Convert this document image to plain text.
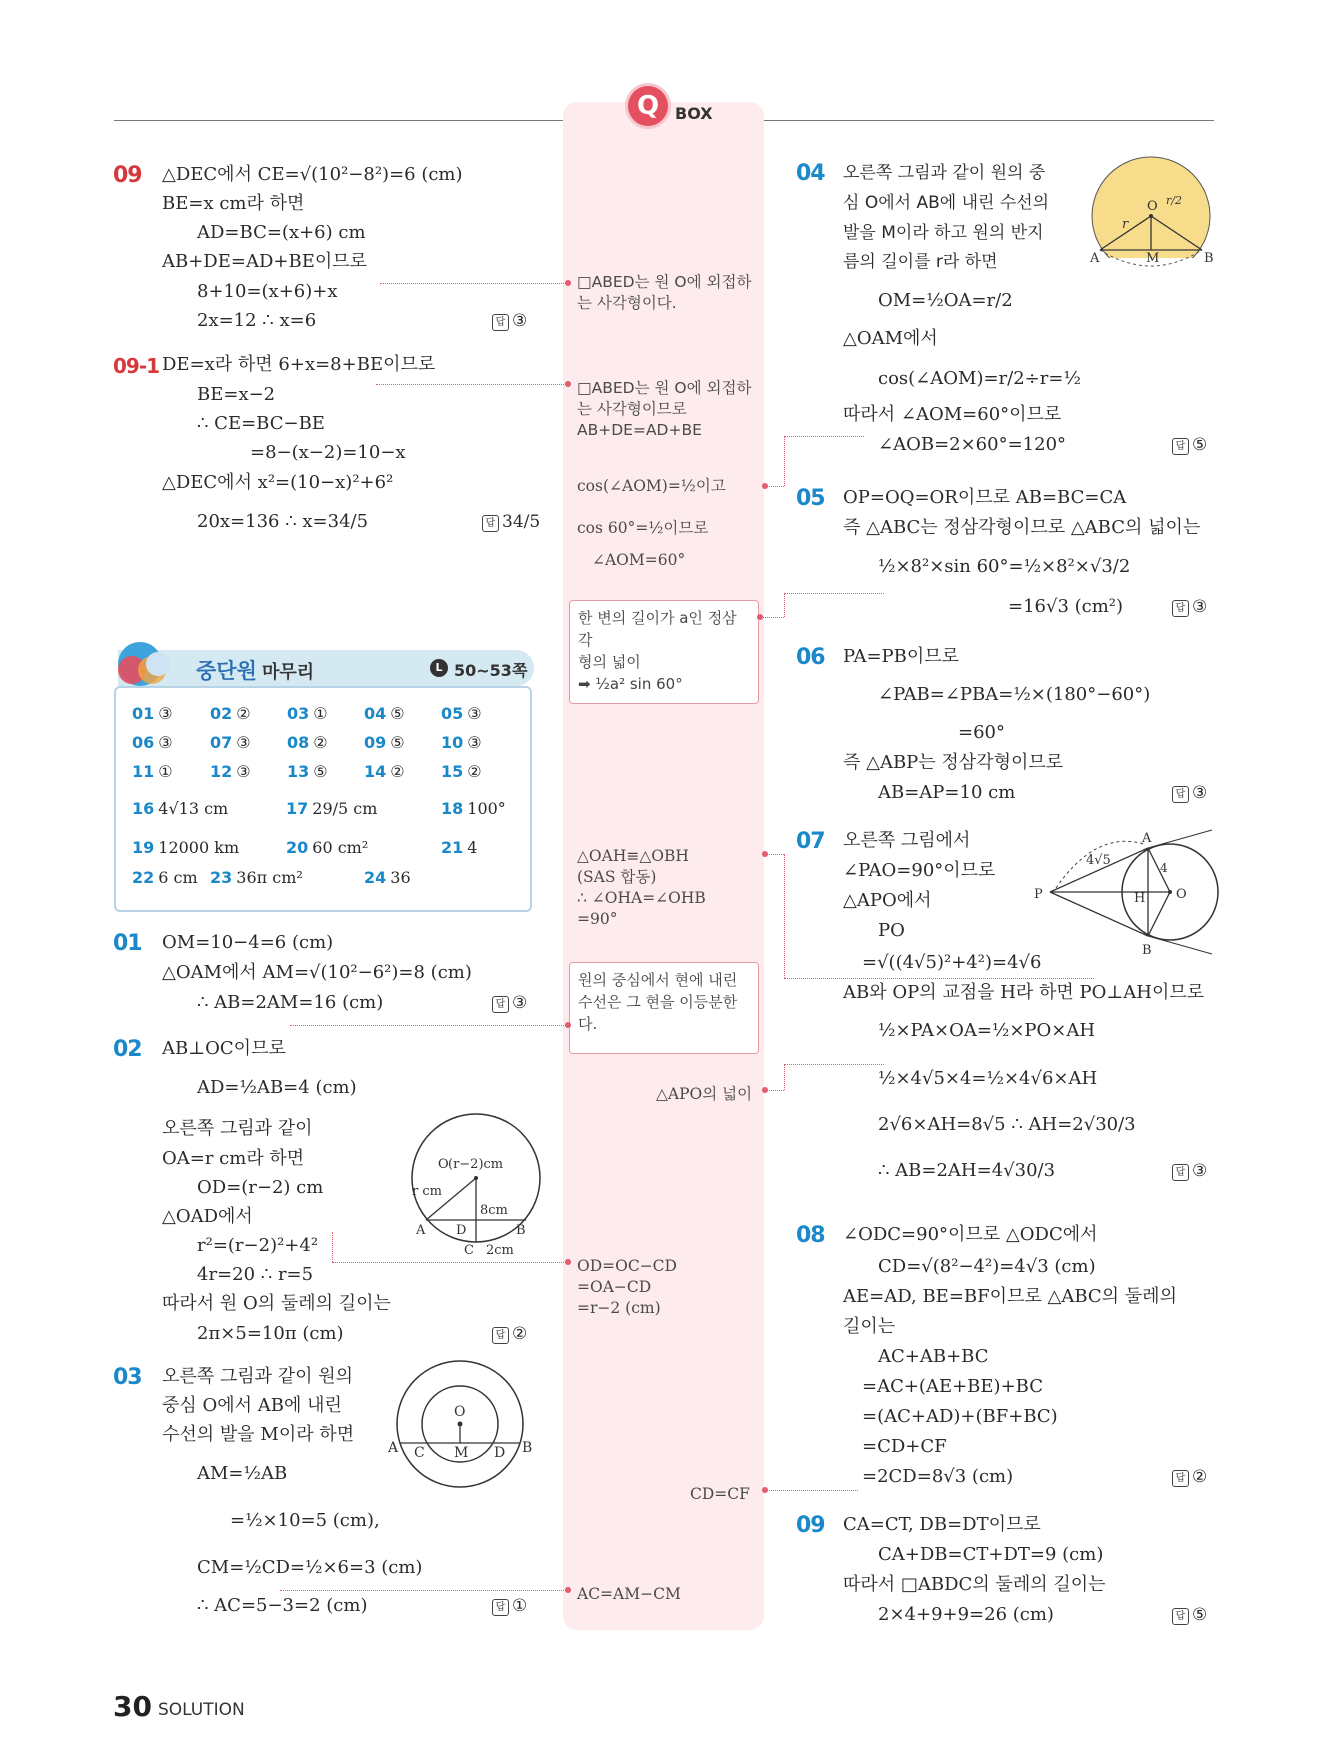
Q BOX
09 △DEC에서 CE=√(10²−8²)=6 (cm)
BE=x cm라 하면
AD=BC=(x+6) cm
AB+DE=AD+BE이므로
8+10=(x+6)+x
2x=12 ∴ x=6	답 ③
09-1 DE=x라 하면 6+x=8+BE이므로
BE=x−2
∴ CE=BC−BE
=8−(x−2)=10−x
△DEC에서 x²=(10−x)²+6²
20x=136 ∴ x=34/5	답 34/5
중단원 마무리	L 50~53쪽
01 ③ 02 ② 03 ① 04 ⑤ 05 ③
06 ③ 07 ③ 08 ② 09 ⑤ 10 ③
11 ① 12 ③ 13 ⑤ 14 ② 15 ②
16 4√13 cm	17 29/5 cm	18 100°
19 12000 km	20 60 cm²	21 4
22 6 cm 23 36π cm²	24 36
01 OM=10−4=6 (cm)
△OAM에서 AM=√(10²−6²)=8 (cm)
∴ AB=2AM=16 (cm)	답 ③
02 AB⊥OC이므로
AD=½AB=4 (cm)
오른쪽 그림과 같이
OA=r cm라 하면
OD=(r−2) cm
△OAD에서
r²=(r−2)²+4²
4r=20 ∴ r=5
따라서 원 O의 둘레의 길이는
2π×5=10π (cm)	답 ②
O (r−2)cm
r cm
8cm
A D	B
C 2cm
03 오른쪽 그림과 같이 원의
중심 O에서 AB에 내린
수선의 발을 M이라 하면
AM=½AB
=½×10=5 (cm),
CM=½CD=½×6=3 (cm)
∴ AC=5−3=2 (cm)	답 ①
O
A C M D B
□ABED는 원 O에 외접하
는 사각형이다.
□ABED는 원 O에 외접하
는 사각형이므로
AB+DE=AD+BE
cos(∠AOM)=½이고
cos 60°=½이므로
∠AOM=60°
한 변의 길이가 a인 정삼각
형의 넓이
➡ ½a² sin 60°
△OAH≡△OBH
(SAS 합동)
∴ ∠OHA=∠OHB
=90°
원의 중심에서 현에 내린
수선은 그 현을 이등분한
다.
△APO의 넓이
OD=OC−CD
=OA−CD
=r−2 (cm)
CD=CF
AC=AM−CM
04 오른쪽 그림과 같이 원의 중
심 O에서 AB에 내린 수선의
발을 M이라 하고 원의 반지
름의 길이를 r라 하면
OM=½OA=r/2
△OAM에서
cos(∠AOM)=r/2÷r=½
따라서 ∠AOM=60°이므로
∠AOB=2×60°=120°	답 ⑤
O
r
r/2
A	M	B
05 OP=OQ=OR이므로 AB=BC=CA
즉 △ABC는 정삼각형이므로 △ABC의 넓이는
½×8²×sin 60°=½×8²×√3/2
=16√3 (cm²)	답 ③
06 PA=PB이므로
∠PAB=∠PBA=½×(180°−60°)
=60°
즉 △ABP는 정삼각형이므로
AB=AP=10 cm	답 ③
07 오른쪽 그림에서
∠PAO=90°이므로
△APO에서
PO
=√((4√5)²+4²)=4√6
AB와 OP의 교점을 H라 하면 PO⊥AH이므로
½×PA×OA=½×PO×AH
½×4√5×4=½×4√6×AH
2√6×AH=8√5 ∴ AH=2√30/3
∴ AB=2AH=4√30/3	답 ③
A
P	H O
B
4√5	4
08 ∠ODC=90°이므로 △ODC에서
CD=√(8²−4²)=4√3 (cm)
AE=AD, BE=BF이므로 △ABC의 둘레의
길이는
AC+AB+BC
=AC+(AE+BE)+BC
=(AC+AD)+(BF+BC)
=CD+CF
=2CD=8√3 (cm)	답 ②
09 CA=CT, DB=DT이므로
CA+DB=CT+DT=9 (cm)
따라서 □ABDC의 둘레의 길이는
2×4+9+9=26 (cm)	답 ⑤
30 SOLUTION
